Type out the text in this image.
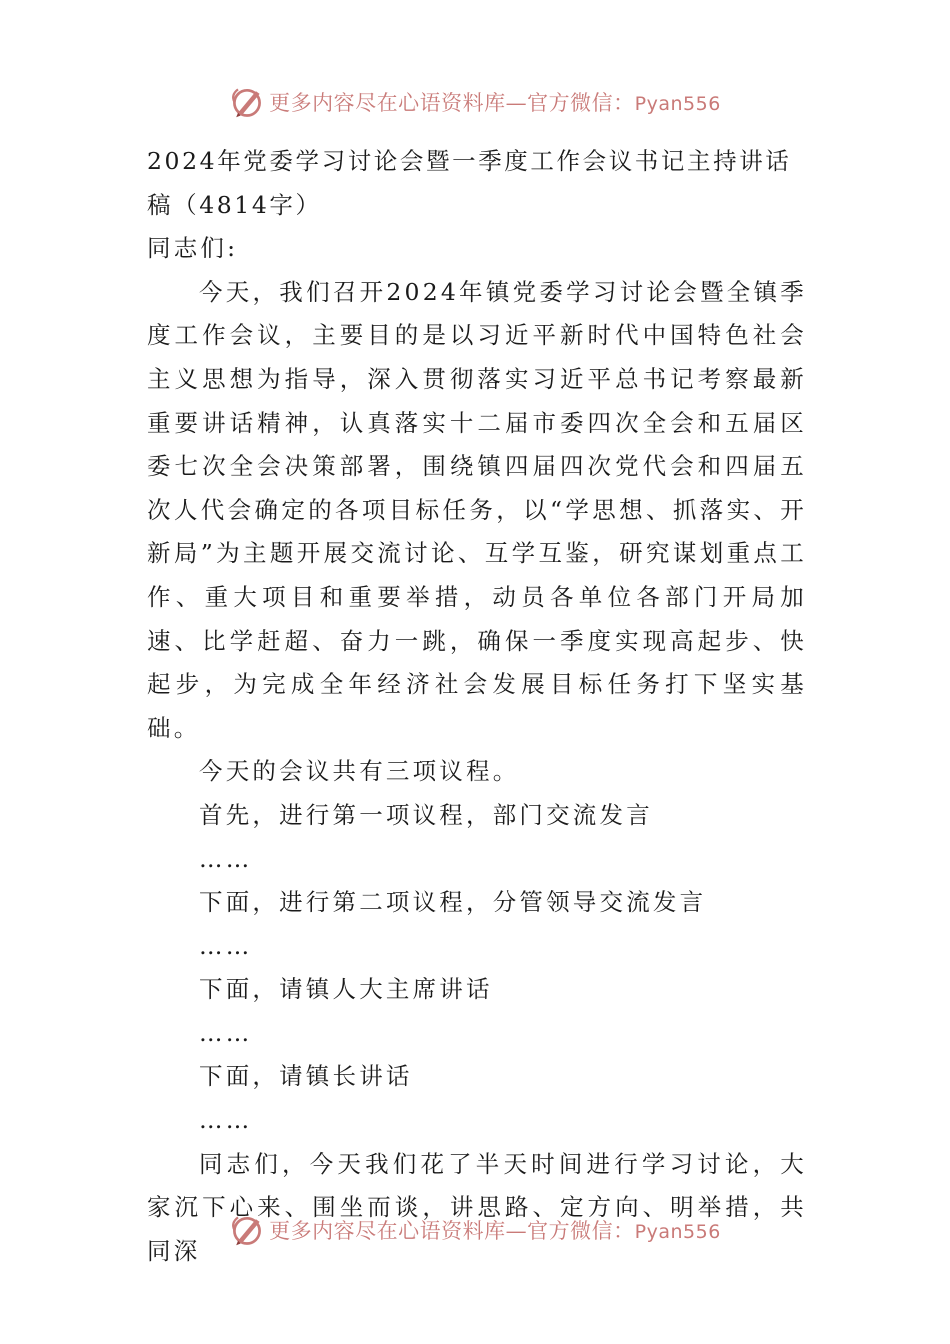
更多内容尽在心语资料库—官方微信：Pyan556

2024年党委学习讨论会暨一季度工作会议书记主持讲话稿（4814字）

同志们:

今天，我们召开2024年镇党委学习讨论会暨全镇季度工作会议，主要目的是以习近平新时代中国特色社会主义思想为指导，深入贯彻落实习近平总书记考察最新重要讲话精神，认真落实十二届市委四次全会和五届区委七次全会决策部署，围绕镇四届四次党代会和四届五次人代会确定的各项目标任务，以“学思想、抓落实、开新局”为主题开展交流讨论、互学互鉴，研究谋划重点工作、重大项目和重要举措，动员各单位各部门开局加速、比学赶超、奋力一跳，确保一季度实现高起步、快起步，为完成全年经济社会发展目标任务打下坚实基础。

今天的会议共有三项议程。

首先，进行第一项议程，部门交流发言

……

下面，进行第二项议程，分管领导交流发言

……

下面，请镇人大主席讲话

……

下面，请镇长讲话

……

同志们，今天我们花了半天时间进行学习讨论，大家沉下心来、围坐而谈，讲思路、定方向、明举措，共同深

更多内容尽在心语资料库—官方微信：Pyan556
